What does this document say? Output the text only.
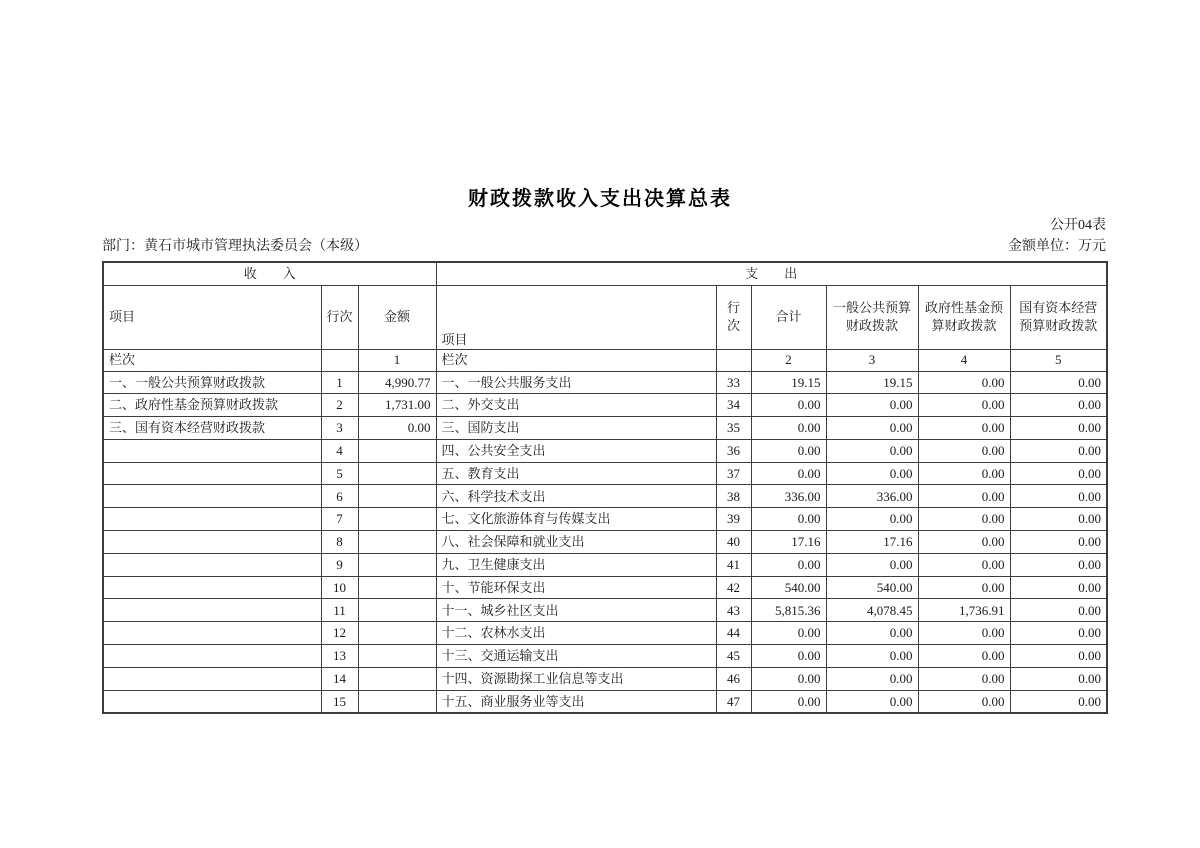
财政拨款收入支出决算总表
公开04表
部门：黄石市城市管理执法委员会（本级）	金额单位：万元
收　　入			支　　出					
项目	行次	金额	项目	行次	合计	一般公共预算财政拨款	政府性基金预算财政拨款	国有资本经营预算财政拨款
栏次		1	栏次		2	3	4	5
一、一般公共预算财政拨款	1	4,990.77	一、一般公共服务支出	33	19.15	19.15	0.00	0.00
二、政府性基金预算财政拨款	2	1,731.00	二、外交支出	34	0.00	0.00	0.00	0.00
三、国有资本经营财政拨款	3	0.00	三、国防支出	35	0.00	0.00	0.00	0.00
	4		四、公共安全支出	36	0.00	0.00	0.00	0.00
	5		五、教育支出	37	0.00	0.00	0.00	0.00
	6		六、科学技术支出	38	336.00	336.00	0.00	0.00
	7		七、文化旅游体育与传媒支出	39	0.00	0.00	0.00	0.00
	8		八、社会保障和就业支出	40	17.16	17.16	0.00	0.00
	9		九、卫生健康支出	41	0.00	0.00	0.00	0.00
	10		十、节能环保支出	42	540.00	540.00	0.00	0.00
	11		十一、城乡社区支出	43	5,815.36	4,078.45	1,736.91	0.00
	12		十二、农林水支出	44	0.00	0.00	0.00	0.00
	13		十三、交通运输支出	45	0.00	0.00	0.00	0.00
	14		十四、资源勘探工业信息等支出	46	0.00	0.00	0.00	0.00
	15		十五、商业服务业等支出	47	0.00	0.00	0.00	0.00
